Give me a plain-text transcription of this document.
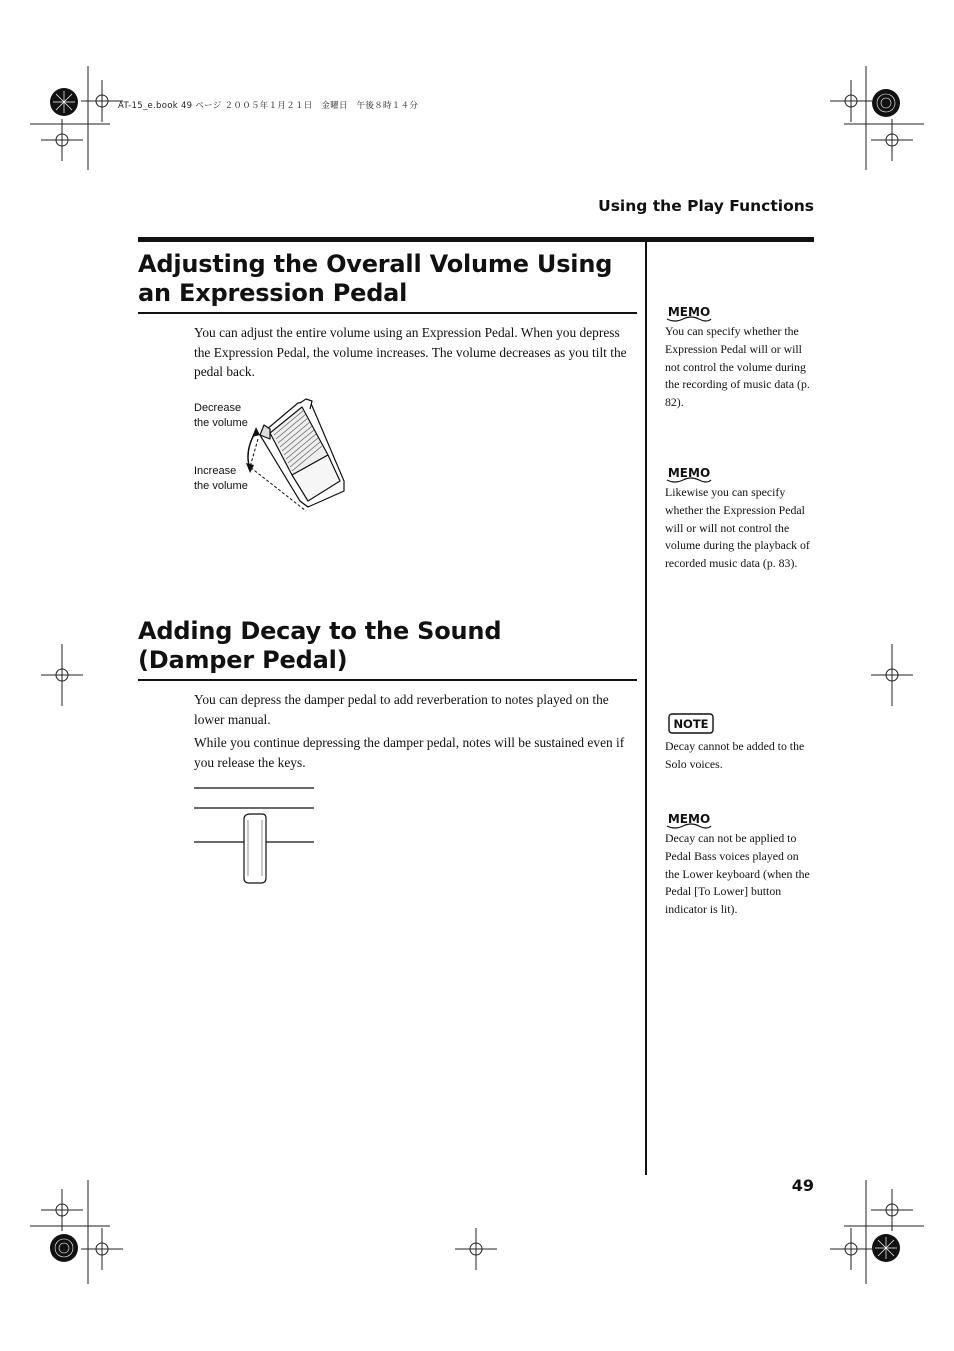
AT-15_e.book 49 ページ ２００５年１月２１日　金曜日　午後８時１４分
Using the Play Functions
Adjusting the Overall Volume Using an Expression Pedal

You can adjust the entire volume using an Expression Pedal. When you depress the Expression Pedal, the volume increases. The volume decreases as you tilt the pedal back.

Decrease
the volume
Increase
the volume
Adding Decay to the Sound
(Damper Pedal)

You can depress the damper pedal to add reverberation to notes played on the lower manual.

While you continue depressing the damper pedal, notes will be sustained even if you release the keys.

MEMO

You can specify whether the Expression Pedal will or will not control the volume during the recording of music data (p. 82).

MEMO

Likewise you can specify whether the Expression Pedal will or will not control the volume during the playback of recorded music data (p. 83).

NOTE

Decay cannot be added to the Solo voices.

MEMO

Decay can not be applied to Pedal Bass voices played on the Lower keyboard (when the Pedal [To Lower] button indicator is lit).

49
